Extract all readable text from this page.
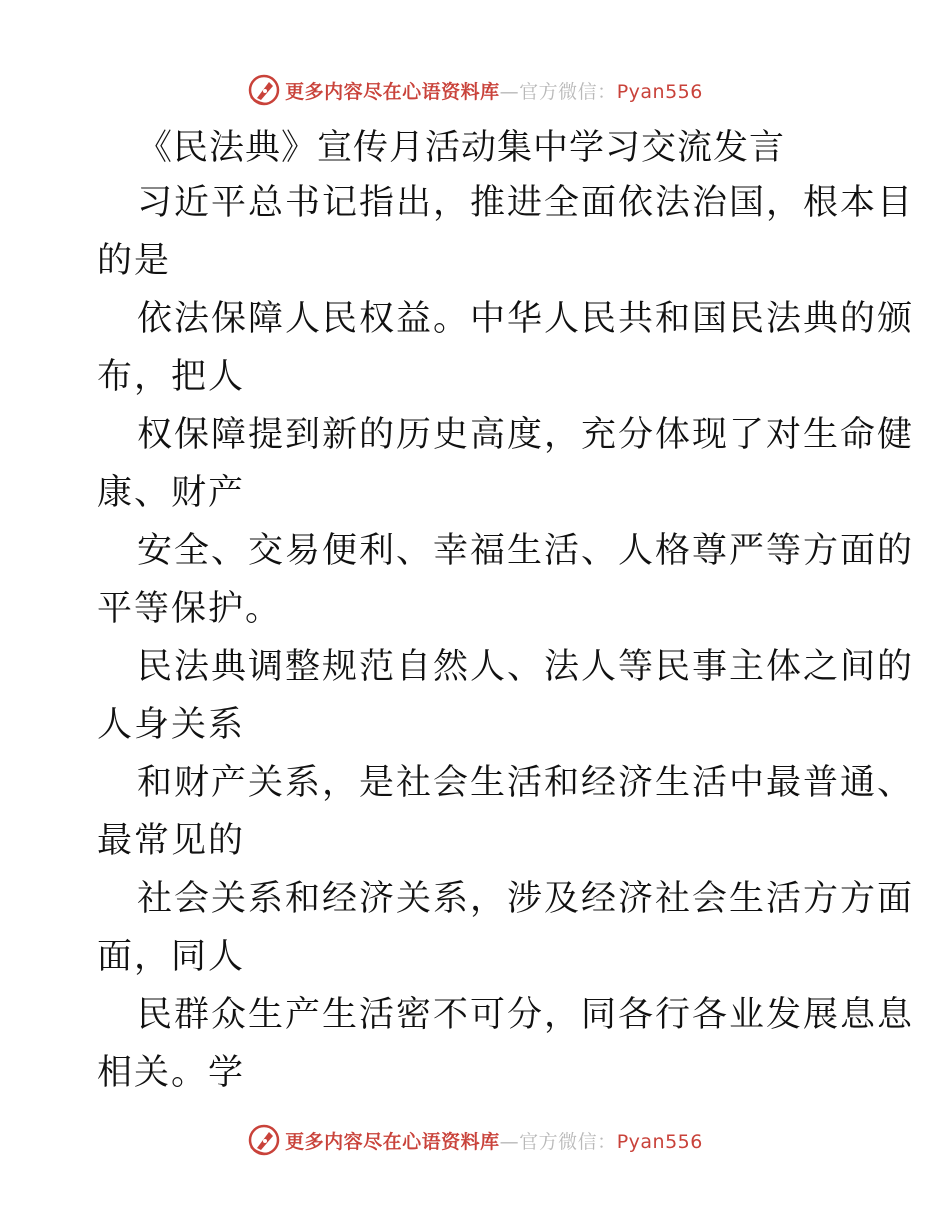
更多内容尽在心语资料库—官方微信：Pyan556

《民法典》宣传月活动集中学习交流发言

习近平总书记指出，推进全面依法治国，根本目

的是

依法保障人民权益。中华人民共和国民法典的颁

布，把人

权保障提到新的历史高度，充分体现了对生命健

康、财产

安全、交易便利、幸福生活、人格尊严等方面的

平等保护。

民法典调整规范自然人、法人等民事主体之间的

人身关系

和财产关系，是社会生活和经济生活中最普通、

最常见的

社会关系和经济关系，涉及经济社会生活方方面

面，同人

民群众生产生活密不可分，同各行各业发展息息

相关。学

更多内容尽在心语资料库—官方微信：Pyan556
